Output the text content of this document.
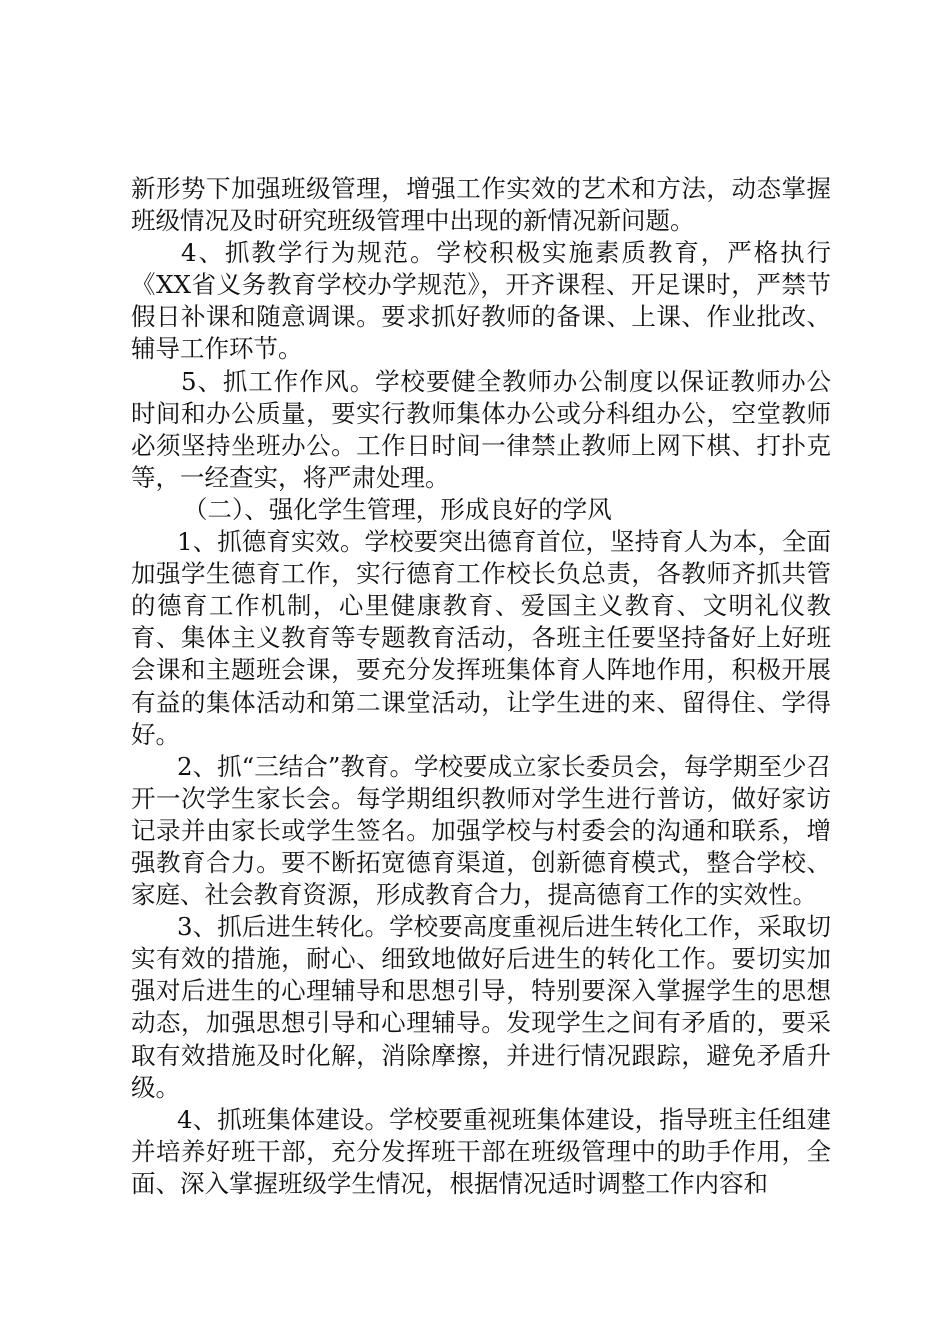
新形势下加强班级管理，增强工作实效的艺术和方法，动态掌握班级情况及时研究班级管理中出现的新情况新问题。

4、抓教学行为规范。学校积极实施素质教育，严格执行《XX省义务教育学校办学规范》，开齐课程、开足课时，严禁节假日补课和随意调课。要求抓好教师的备课、上课、作业批改、辅导工作环节。

5、抓工作作风。学校要健全教师办公制度以保证教师办公时间和办公质量，要实行教师集体办公或分科组办公，空堂教师必须坚持坐班办公。工作日时间一律禁止教师上网下棋、打扑克等，一经查实，将严肃处理。

（二）、强化学生管理，形成良好的学风

1、抓德育实效。学校要突出德育首位，坚持育人为本，全面加强学生德育工作，实行德育工作校长负总责，各教师齐抓共管的德育工作机制，心里健康教育、爱国主义教育、文明礼仪教育、集体主义教育等专题教育活动，各班主任要坚持备好上好班会课和主题班会课，要充分发挥班集体育人阵地作用，积极开展有益的集体活动和第二课堂活动，让学生进的来、留得住、学得好。

2、抓“三结合”教育。学校要成立家长委员会，每学期至少召开一次学生家长会。每学期组织教师对学生进行普访，做好家访记录并由家长或学生签名。加强学校与村委会的沟通和联系，增强教育合力。要不断拓宽德育渠道，创新德育模式，整合学校、家庭、社会教育资源，形成教育合力，提高德育工作的实效性。

3、抓后进生转化。学校要高度重视后进生转化工作，采取切实有效的措施，耐心、细致地做好后进生的转化工作。要切实加强对后进生的心理辅导和思想引导，特别要深入掌握学生的思想动态，加强思想引导和心理辅导。发现学生之间有矛盾的，要采取有效措施及时化解，消除摩擦，并进行情况跟踪，避免矛盾升级。

4、抓班集体建设。学校要重视班集体建设，指导班主任组建并培养好班干部，充分发挥班干部在班级管理中的助手作用，全面、深入掌握班级学生情况，根据情况适时调整工作内容和
